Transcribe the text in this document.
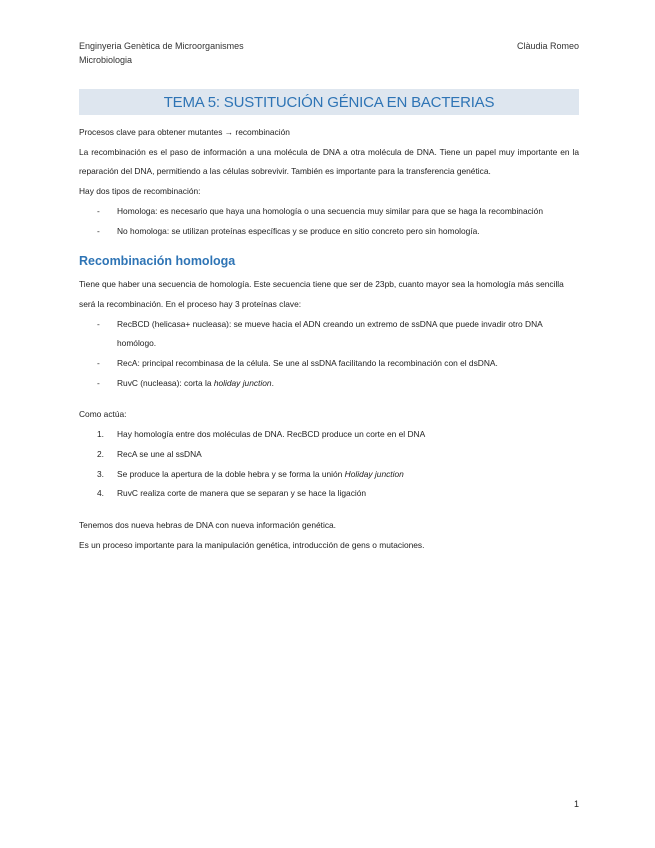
Enginyeria Genètica de Microorganismes
Microbiologia
Clàudia Romeo
TEMA 5: SUSTITUCIÓN GÉNICA EN BACTERIAS

Procesos clave para obtener mutantes → recombinación

La recombinación es el paso de información a una molécula de DNA a otra molécula de DNA. Tiene un papel muy importante en la reparación del DNA, permitiendo a las células sobrevivir. También es importante para la transferencia genética.

Hay dos tipos de recombinación:

- Homologa: es necesario que haya una homología o una secuencia muy similar para que se haga la recombinación
- No homologa: se utilizan proteínas específicas y se produce en sitio concreto pero sin homología.
Recombinación homologa

Tiene que haber una secuencia de homología. Este secuencia tiene que ser de 23pb, cuanto mayor sea la homología más sencilla será la recombinación. En el proceso hay 3 proteínas clave:

- RecBCD (helicasa+ nucleasa): se mueve hacia el ADN creando un extremo de ssDNA que puede invadir otro DNA homólogo.
- RecA: principal recombinasa de la célula. Se une al ssDNA facilitando la recombinación con el dsDNA.
- RuvC (nucleasa): corta la holiday junction.

Como actúa:

1. Hay homología entre dos moléculas de DNA. RecBCD produce un corte en el DNA
2. RecA se une al ssDNA
3. Se produce la apertura de la doble hebra y se forma la unión Holiday junction
4. RuvC realiza corte de manera que se separan y se hace la ligación

Tenemos dos nueva hebras de DNA con nueva información genética.

Es un proceso importante para la manipulación genética, introducción de gens o mutaciones.

1
